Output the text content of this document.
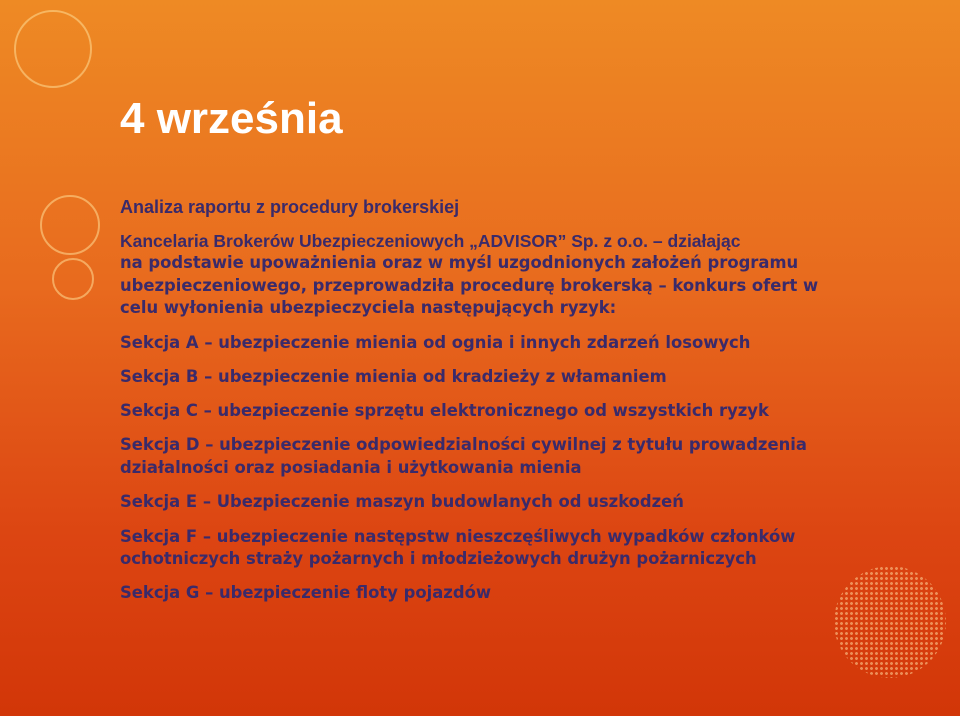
4 września

Analiza raportu z procedury brokerskiej

Kancelaria Brokerów Ubezpieczeniowych „ADVISOR” Sp. z o.o. – działając

na podstawie upoważnienia oraz w myśl uzgodnionych założeń programu

ubezpieczeniowego, przeprowadziła procedurę brokerską – konkurs ofert w

celu wyłonienia ubezpieczyciela następujących ryzyk:

Sekcja A – ubezpieczenie mienia od ognia i innych zdarzeń losowych

Sekcja B – ubezpieczenie mienia od kradzieży z włamaniem

Sekcja C – ubezpieczenie sprzętu elektronicznego od wszystkich ryzyk

Sekcja D – ubezpieczenie odpowiedzialności cywilnej z tytułu prowadzenia

działalności oraz posiadania i użytkowania mienia

Sekcja E – Ubezpieczenie maszyn budowlanych od uszkodzeń

Sekcja F – ubezpieczenie następstw nieszczęśliwych wypadków członków

ochotniczych straży pożarnych i młodzieżowych drużyn pożarniczych

Sekcja G – ubezpieczenie floty pojazdów
